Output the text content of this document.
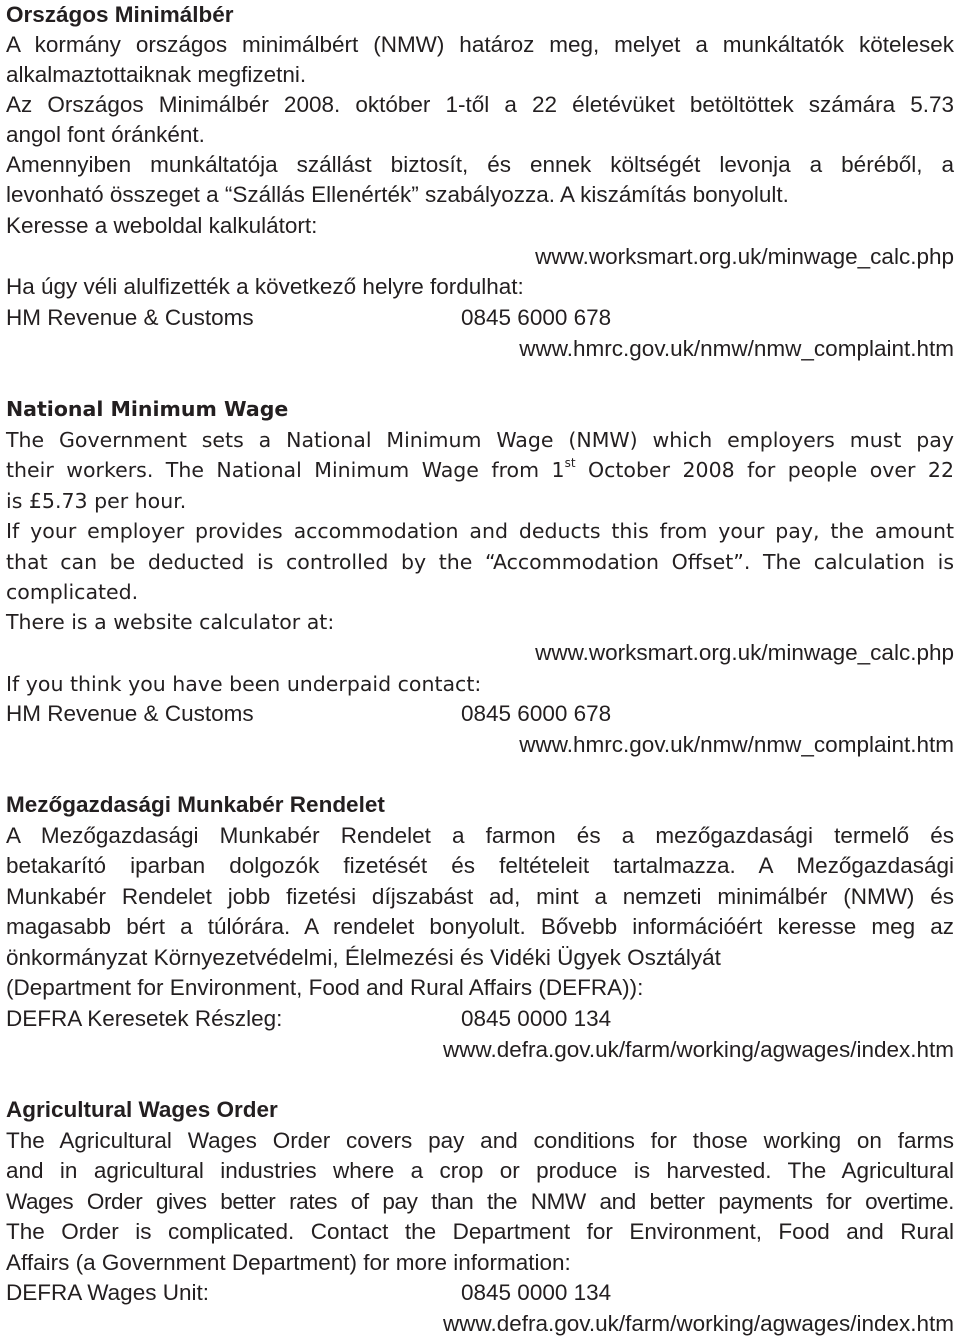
Országos Minimálbér
A kormány országos minimálbért (NMW) határoz meg, melyet a munkáltatók kötelesek
alkalmaztottaiknak megfizetni.
Az Országos Minimálbér 2008. október 1-től a 22 életévüket betöltöttek számára 5.73
angol font óránként.
Amennyiben munkáltatója szállást biztosít, és ennek költségét levonja a béréből, a
levonható összeget a “Szállás Ellenérték” szabályozza. A kiszámítás bonyolult.
Keresse a weboldal kalkulátort:
www.worksmart.org.uk/minwage_calc.php
Ha úgy véli alulfizették a következő helyre fordulhat:
HM Revenue & Customs	0845 6000 678
www.hmrc.gov.uk/nmw/nmw_complaint.htm
National Minimum Wage
The Government sets a National Minimum Wage (NMW) which employers must pay
their workers. The National Minimum Wage from 1st October 2008 for people over 22
is £5.73 per hour.
If your employer provides accommodation and deducts this from your pay, the amount
that can be deducted is controlled by the “Accommodation Offset”. The calculation is
complicated.
There is a website calculator at:
www.worksmart.org.uk/minwage_calc.php
If you think you have been underpaid contact:
HM Revenue & Customs	0845 6000 678
www.hmrc.gov.uk/nmw/nmw_complaint.htm
Mezőgazdasági Munkabér Rendelet
A Mezőgazdasági Munkabér Rendelet a farmon és a mezőgazdasági termelő és
betakarító iparban dolgozók fizetését és feltételeit tartalmazza. A Mezőgazdasági
Munkabér Rendelet jobb fizetési díjszabást ad, mint a nemzeti minimálbér (NMW) és
magasabb bért a túlórára. A rendelet bonyolult. Bővebb információért keresse meg az
önkormányzat Környezetvédelmi, Élelmezési és Vidéki Ügyek Osztályát
(Department for Environment, Food and Rural Affairs (DEFRA)):
DEFRA Keresetek Részleg:	0845 0000 134
www.defra.gov.uk/farm/working/agwages/index.htm
Agricultural Wages Order
The Agricultural Wages Order covers pay and conditions for those working on farms
and in agricultural industries where a crop or produce is harvested. The Agricultural
Wages Order gives better rates of pay than the NMW and better payments for overtime.
The Order is complicated. Contact the Department for Environment, Food and Rural
Affairs (a Government Department) for more information:
DEFRA Wages Unit:	0845 0000 134
www.defra.gov.uk/farm/working/agwages/index.htm
